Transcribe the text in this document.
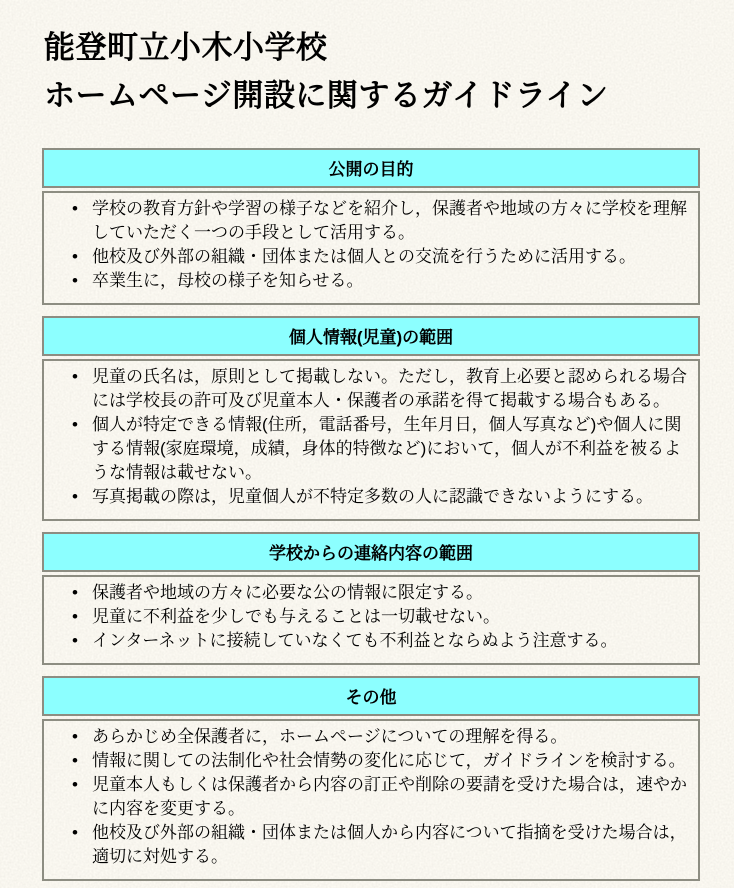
能登町立小木小学校
ホームページ開設に関するガイドライン
公開の目的
• 学校の教育方針や学習の様子などを紹介し，保護者や地域の方々に学校を理解していただく一つの手段として活用する。
• 他校及び外部の組織・団体または個人との交流を行うために活用する。
• 卒業生に，母校の様子を知らせる。
個人情報(児童)の範囲
• 児童の氏名は，原則として掲載しない。ただし，教育上必要と認められる場合には学校長の許可及び児童本人・保護者の承諾を得て掲載する場合もある。
• 個人が特定できる情報(住所，電話番号，生年月日，個人写真など)や個人に関する情報(家庭環境，成績，身体的特徴など)において，個人が不利益を被るような情報は載せない。
• 写真掲載の際は，児童個人が不特定多数の人に認識できないようにする。
学校からの連絡内容の範囲
• 保護者や地域の方々に必要な公の情報に限定する。
• 児童に不利益を少しでも与えることは一切載せない。
• インターネットに接続していなくても不利益とならぬよう注意する。
その他
• あらかじめ全保護者に，ホームページについての理解を得る。
• 情報に関しての法制化や社会情勢の変化に応じて，ガイドラインを検討する。
• 児童本人もしくは保護者から内容の訂正や削除の要請を受けた場合は，速やかに内容を変更する。
• 他校及び外部の組織・団体または個人から内容について指摘を受けた場合は，適切に対処する。
